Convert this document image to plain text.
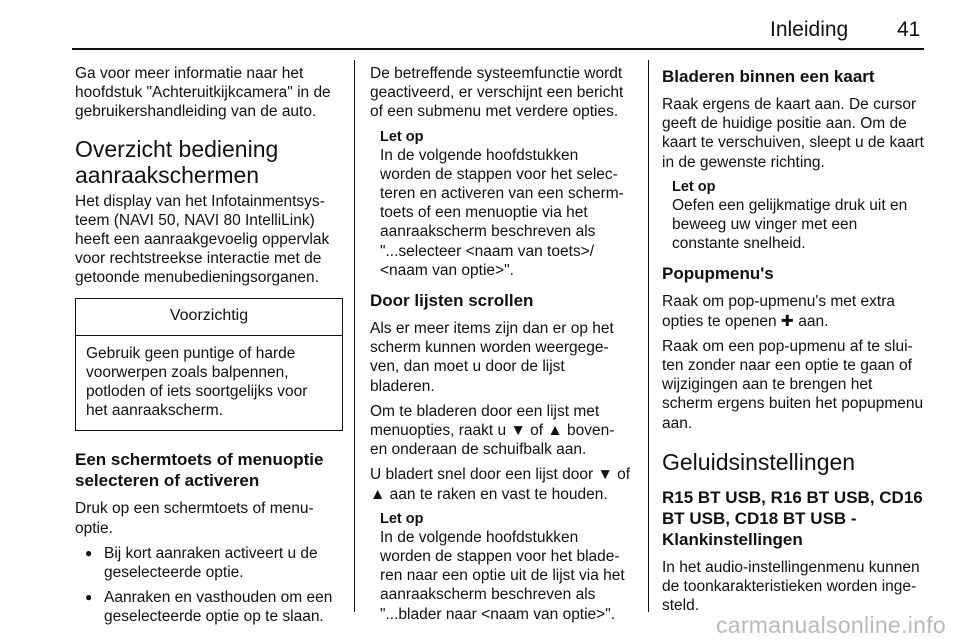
Inleiding 41

Ga voor meer informatie naar het hoofdstuk "Achteruitkijkcamera" in de gebruikershandleiding van de auto.

Overzicht bediening aanraakschermen

Het display van het Infotainmentsysteem (NAVI 50, NAVI 80 IntelliLink) heeft een aanraakgevoelig oppervlak voor rechtstreekse interactie met de getoonde menubedieningsorganen.

Voorzichtig
Gebruik geen puntige of harde voorwerpen zoals balpennen, potloden of iets soortgelijks voor het aanraakscherm.
Een schermtoets of menuoptie selecteren of activeren

Druk op een schermtoets of menuoptie.

● Bij kort aanraken activeert u de geselecteerde optie.
● Aanraken en vasthouden om een geselecteerde optie op te slaan.

De betreffende systeemfunctie wordt geactiveerd, er verschijnt een bericht of een submenu met verdere opties.

Let op
In de volgende hoofdstukken worden de stappen voor het selecteren en activeren van een schermtoets of een menuoptie via het aanraakscherm beschreven als "...selecteer <naam van toets>/ <naam van optie>".
Door lijsten scrollen

Als er meer items zijn dan er op het scherm kunnen worden weergegeven, dan moet u door de lijst bladeren.

Om te bladeren door een lijst met menuopties, raakt u ▼ of ▲ boven- en onderaan de schuifbalk aan.

U bladert snel door een lijst door ▼ of ▲ aan te raken en vast te houden.

Let op
In de volgende hoofdstukken worden de stappen voor het bladeren naar een optie uit de lijst via het aanraakscherm beschreven als "...blader naar <naam van optie>".
Bladeren binnen een kaart

Raak ergens de kaart aan. De cursor geeft de huidige positie aan. Om de kaart te verschuiven, sleept u de kaart in de gewenste richting.

Let op
Oefen een gelijkmatige druk uit en beweeg uw vinger met een constante snelheid.
Popupmenu's

Raak om pop-upmenu's met extra opties te openen ✚ aan.

Raak om een pop-upmenu af te sluiten zonder naar een optie te gaan of wijzigingen aan te brengen het scherm ergens buiten het popupmenu aan.

Geluidsinstellingen
R15 BT USB, R16 BT USB, CD16 BT USB, CD18 BT USB - Klankinstellingen

In het audio-instellingenmenu kunnen de toonkarakteristieken worden ingesteld.

carmanualsonline.info
